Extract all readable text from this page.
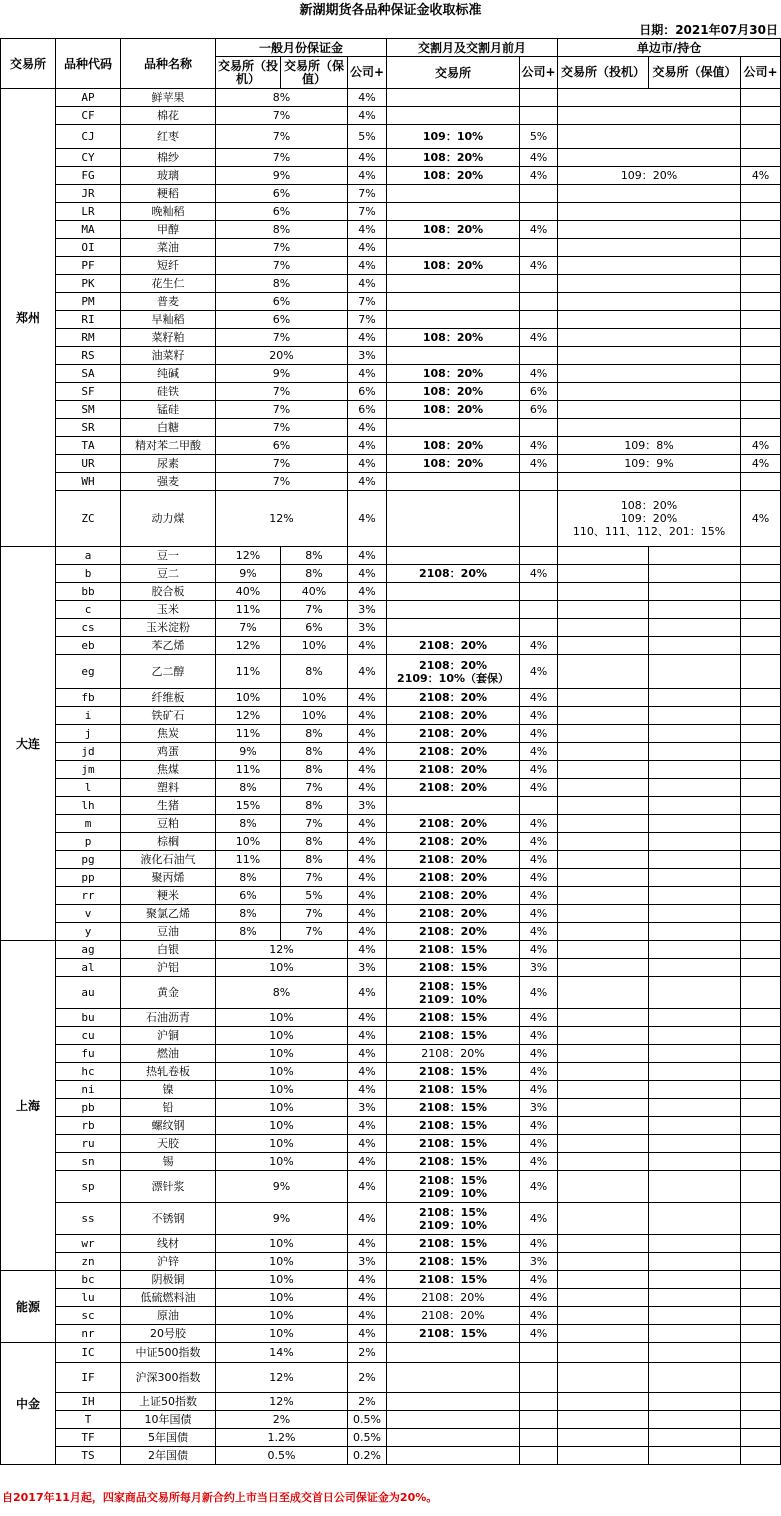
新湖期货各品种保证金收取标准
日期：2021年07月30日
交易所	品种代码	品种名称	一般月份保证金			交割月及交割月前月		单边市/持仓		
			交易所（投机）	交易所（保值）	公司+	交易所	公司+	交易所（投机）	交易所（保值）	公司+
郑州	AP	鲜苹果	8%		4%					
	CF	棉花	7%		4%					
	CJ	红枣	7%		5%	109：10%	5%			
	CY	棉纱	7%		4%	108：20%	4%			
	FG	玻璃	9%		4%	108：20%	4%	109：20%		4%
	JR	粳稻	6%		7%					
	LR	晚籼稻	6%		7%					
	MA	甲醇	8%		4%	108：20%	4%			
	OI	菜油	7%		4%					
	PF	短纤	7%		4%	108：20%	4%			
	PK	花生仁	8%		4%					
	PM	普麦	6%		7%					
	RI	早籼稻	6%		7%					
	RM	菜籽粕	7%		4%	108：20%	4%			
	RS	油菜籽	20%		3%					
	SA	纯碱	9%		4%	108：20%	4%			
	SF	硅铁	7%		6%	108：20%	6%			
	SM	锰硅	7%		6%	108：20%	6%			
	SR	白糖	7%		4%					
	TA	精对苯二甲酸	6%		4%	108：20%	4%	109：8%		4%
	UR	尿素	7%		4%	108：20%	4%	109：9%		4%
	WH	强麦	7%		4%					
	ZC	动力煤	12%		4%			108：20%
109：20%
110、111、112、201：15%		4%
大连	a	豆一	12%	8%	4%					
	b	豆二	9%	8%	4%	2108：20%	4%			
	bb	胶合板	40%	40%	4%					
	c	玉米	11%	7%	3%					
	cs	玉米淀粉	7%	6%	3%					
	eb	苯乙烯	12%	10%	4%	2108：20%	4%			
	eg	乙二醇	11%	8%	4%	2108：20%
2109：10%（套保）	4%			
	fb	纤维板	10%	10%	4%	2108：20%	4%			
	i	铁矿石	12%	10%	4%	2108：20%	4%			
	j	焦炭	11%	8%	4%	2108：20%	4%			
	jd	鸡蛋	9%	8%	4%	2108：20%	4%			
	jm	焦煤	11%	8%	4%	2108：20%	4%			
	l	塑料	8%	7%	4%	2108：20%	4%			
	lh	生猪	15%	8%	3%					
	m	豆粕	8%	7%	4%	2108：20%	4%			
	p	棕榈	10%	8%	4%	2108：20%	4%			
	pg	液化石油气	11%	8%	4%	2108：20%	4%			
	pp	聚丙烯	8%	7%	4%	2108：20%	4%			
	rr	粳米	6%	5%	4%	2108：20%	4%			
	v	聚氯乙烯	8%	7%	4%	2108：20%	4%			
	y	豆油	8%	7%	4%	2108：20%	4%			
上海	ag	白银	12%		4%	2108：15%	4%			
	al	沪铝	10%		3%	2108：15%	3%			
	au	黄金	8%		4%	2108：15%
2109：10%	4%			
	bu	石油沥青	10%		4%	2108：15%	4%			
	cu	沪铜	10%		4%	2108：15%	4%			
	fu	燃油	10%		4%	2108：20%	4%			
	hc	热轧卷板	10%		4%	2108：15%	4%			
	ni	镍	10%		4%	2108：15%	4%			
	pb	铅	10%		3%	2108：15%	3%			
	rb	螺纹钢	10%		4%	2108：15%	4%			
	ru	天胶	10%		4%	2108：15%	4%			
	sn	锡	10%		4%	2108：15%	4%			
	sp	漂针浆	9%		4%	2108：15%
2109：10%	4%			
	ss	不锈钢	9%		4%	2108：15%
2109：10%	4%			
	wr	线材	10%		4%	2108：15%	4%			
	zn	沪锌	10%		3%	2108：15%	3%			
能源	bc	阴极铜	10%		4%	2108：15%	4%			
	lu	低硫燃料油	10%		4%	2108：20%	4%			
	sc	原油	10%		4%	2108：20%	4%			
	nr	20号胶	10%		4%	2108：15%	4%			
中金	IC	中证500指数	14%		2%					
	IF	沪深300指数	12%		2%					
	IH	上证50指数	12%		2%					
	T	10年国债	2%		0.5%					
	TF	5年国债	1.2%		0.5%					
	TS	2年国债	0.5%		0.2%					
自2017年11月起，四家商品交易所每月新合约上市当日至成交首日公司保证金为20%。
